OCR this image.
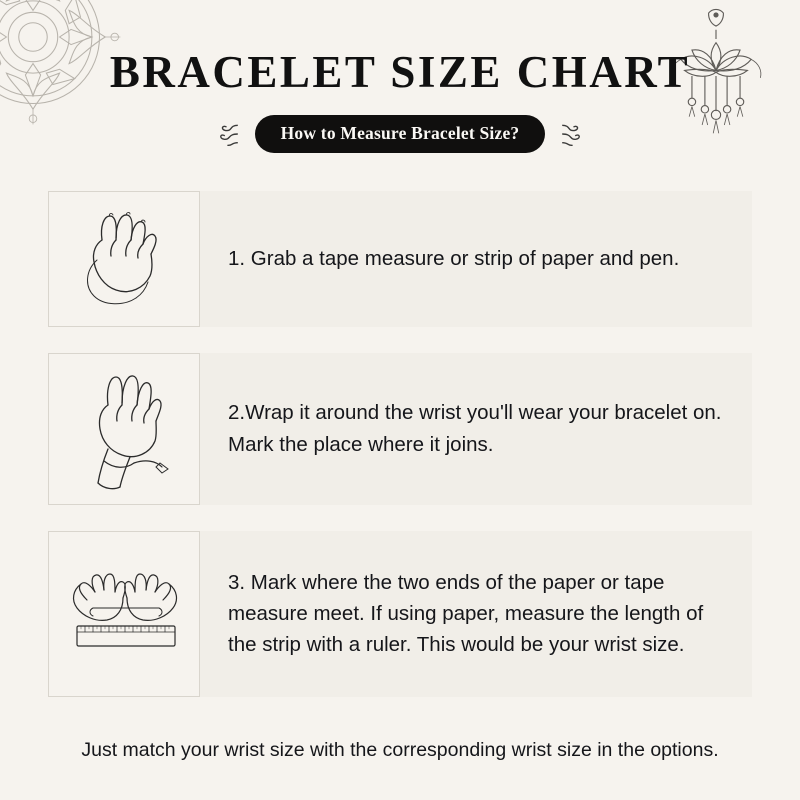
BRACELET SIZE CHART
How to Measure Bracelet Size?
1. Grab a tape measure or strip of paper and pen.
2.Wrap it around the wrist you'll wear your bracelet on. Mark the place where it joins.
3. Mark where the two ends of the paper or tape measure meet. If using paper, measure the length of the strip with a ruler. This would be your wrist size.
Just match your wrist size with the corresponding wrist size in the options.
